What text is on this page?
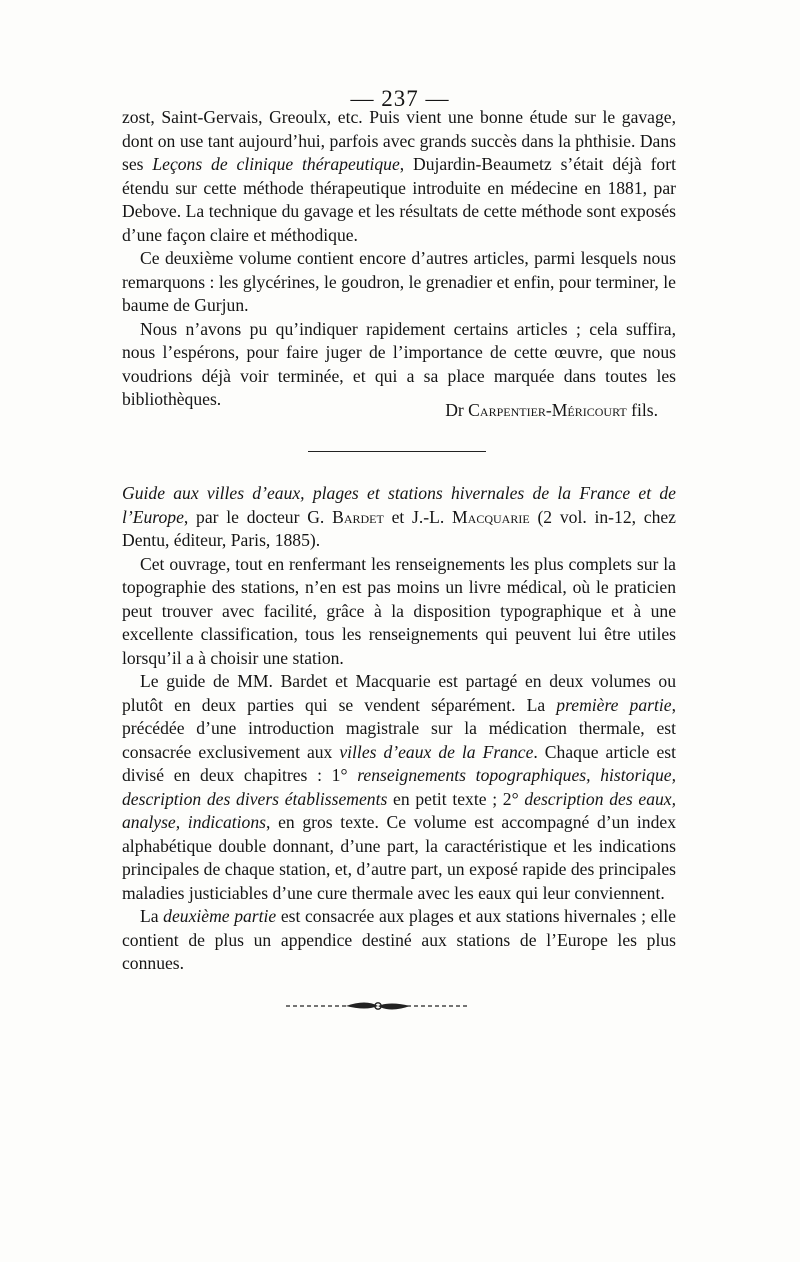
— 237 —

zost, Saint-Gervais, Greoulx, etc. Puis vient une bonne étude sur le gavage, dont on use tant aujourd’hui, parfois avec grands succès dans la phthisie. Dans ses Leçons de clinique thérapeutique, Dujardin-Beaumetz s’était déjà fort étendu sur cette méthode thérapeutique introduite en médecine en 1881, par Debove. La technique du gavage et les résultats de cette méthode sont exposés d’une façon claire et méthodique.

Ce deuxième volume contient encore d’autres articles, parmi lesquels nous remarquons : les glycérines, le goudron, le grenadier et enfin, pour terminer, le baume de Gurjun.

Nous n’avons pu qu’indiquer rapidement certains articles ; cela suffira, nous l’espérons, pour faire juger de l’importance de cette œuvre, que nous voudrions déjà voir terminée, et qui a sa place marquée dans toutes les bibliothèques.

Dr Carpentier-Méricourt fils.

Guide aux villes d’eaux, plages et stations hivernales de la France et de l’Europe, par le docteur G. Bardet et J.-L. Macquarie (2 vol. in-12, chez Dentu, éditeur, Paris, 1885).

Cet ouvrage, tout en renfermant les renseignements les plus complets sur la topographie des stations, n’en est pas moins un livre médical, où le praticien peut trouver avec facilité, grâce à la disposition typographique et à une excellente classification, tous les renseignements qui peuvent lui être utiles lorsqu’il a à choisir une station.

Le guide de MM. Bardet et Macquarie est partagé en deux volumes ou plutôt en deux parties qui se vendent séparément. La première partie, précédée d’une introduction magistrale sur la médication thermale, est consacrée exclusivement aux villes d’eaux de la France. Chaque article est divisé en deux chapitres : 1° renseignements topographiques, historique, description des divers établissements en petit texte ; 2° description des eaux, analyse, indications, en gros texte. Ce volume est accompagné d’un index alphabétique double donnant, d’une part, la caractéristique et les indications principales de chaque station, et, d’autre part, un exposé rapide des principales maladies justiciables d’une cure thermale avec les eaux qui leur conviennent.

La deuxième partie est consacrée aux plages et aux stations hivernales ; elle contient de plus un appendice destiné aux stations de l’Europe les plus connues.
